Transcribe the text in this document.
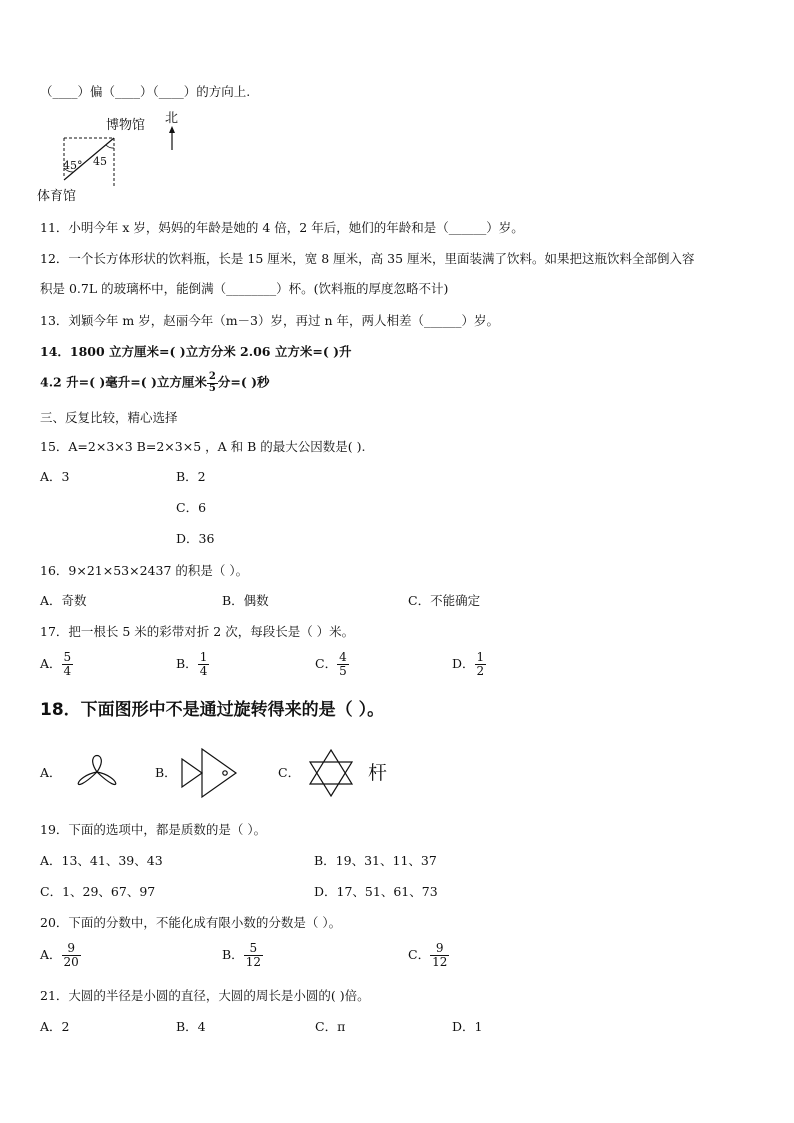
（____）偏（____）（____）的方向上.
博物馆 北
45° 45
体育馆
11．小明今年 x 岁，妈妈的年龄是她的 4 倍，2 年后，她们的年龄和是（______）岁。
12．一个长方体形状的饮料瓶，长是 15 厘米，宽 8 厘米，高 35 厘米，里面装满了饮料。如果把这瓶饮料全部倒入容
积是 0.7L 的玻璃杯中，能倒满（________）杯。(饮料瓶的厚度忽略不计)
13．刘颖今年 m 岁，赵丽今年（m－3）岁，再过 n 年，两人相差（______）岁。
14．1800 立方厘米=( )立方分米 2.06 立方米=( )升
4.2 升=( )毫升=( )立方厘米 $\frac{2}{5}$ 分=( )秒
三、反复比较，精心选择
15．A=2×3×3 B=2×3×5 ，A 和 B 的最大公因数是( ).
A．3	B．2
C．6
D．36
16．9×21×53×2437 的积是（ ）。
A．奇数	B．偶数	C．不能确定
17．把一根长 5 米的彩带对折 2 次，每段长是（ ）米。
A． $\frac{5}{4}$	B． $\frac{1}{4}$	C． $\frac{4}{5}$	D． $\frac{1}{2}$
18．下面图形中不是通过旋转得来的是（ ）。
A．	B．	C．	杆
19．下面的选项中，都是质数的是（ ）。
A．13、41、39、43	B．19、31、11、37
C．1、29、67、97	D．17、51、61、73
20．下面的分数中，不能化成有限小数的分数是（ ）。
A． $\frac{9}{20}$	B． $\frac{5}{12}$	C． $\frac{9}{12}$
21．大圆的半径是小圆的直径，大圆的周长是小圆的( )倍。
A．2	B．4	C．π	D．1
